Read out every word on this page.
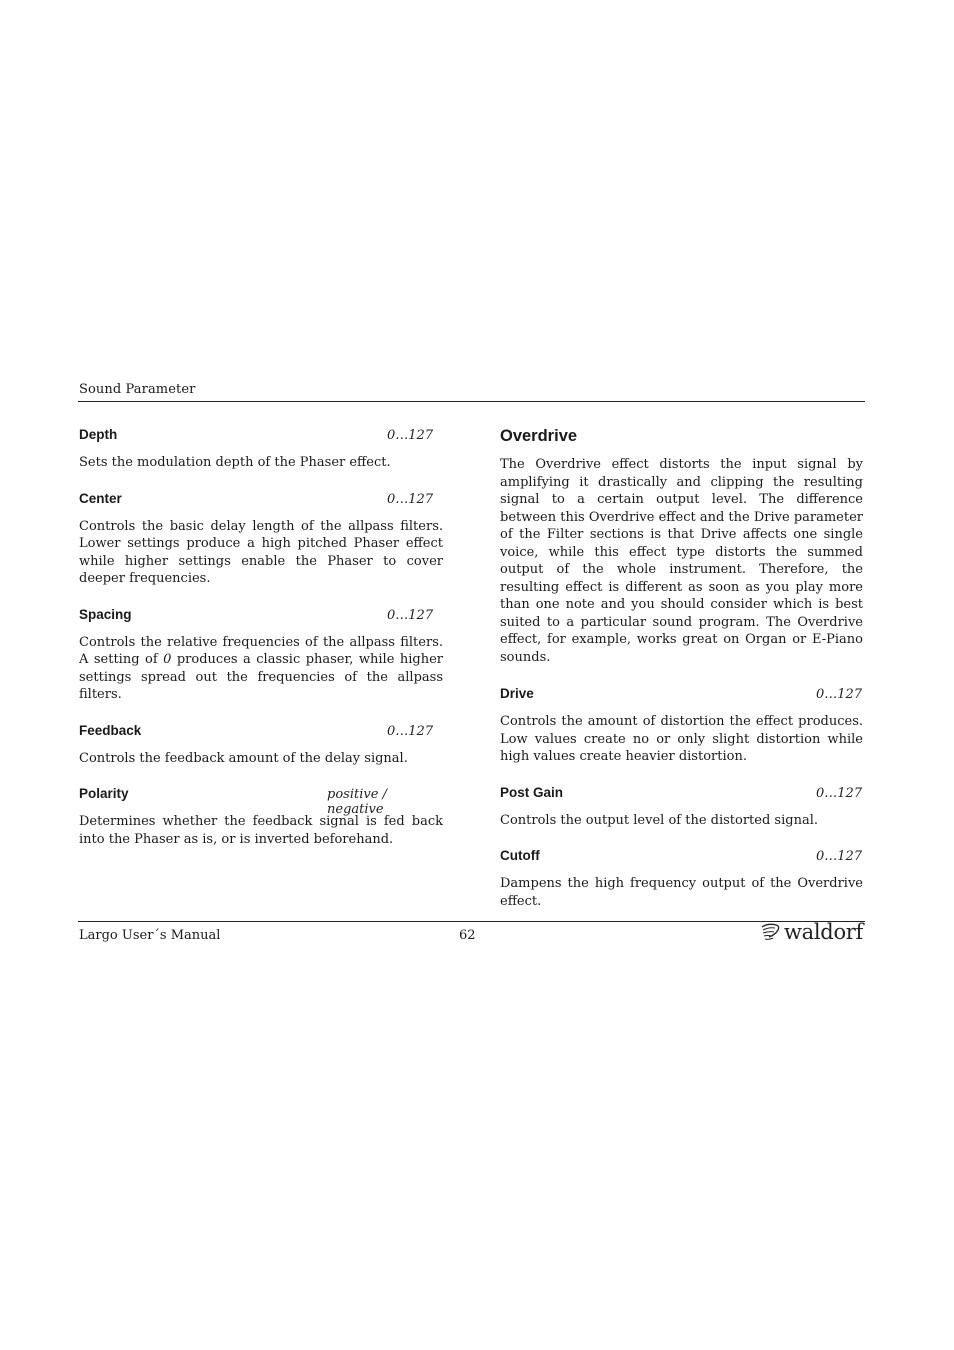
Sound Parameter
Depth	0…127

Sets the modulation depth of the Phaser effect.

Center	0…127

Controls the basic delay length of the allpass filters. Lower settings produce a high pitched Phaser effect while higher settings enable the Phaser to cover deeper frequencies.

Spacing	0…127

Controls the relative frequencies of the allpass filters. A setting of 0 produces a classic phaser, while higher settings spread out the frequencies of the allpass filters.

Feedback	0…127

Controls the feedback amount of the delay signal.

Polarity	positive / negative

Determines whether the feedback signal is fed back into the Phaser as is, or is inverted beforehand.

Overdrive

The Overdrive effect distorts the input signal by amplifying it drastically and clipping the resulting signal to a certain output level. The difference between this Overdrive effect and the Drive parameter of the Filter sections is that Drive affects one single voice, while this effect type distorts the summed output of the whole instrument. Therefore, the resulting effect is different as soon as you play more than one note and you should consider which is best suited to a particular sound program. The Overdrive effect, for example, works great on Organ or E-Piano sounds.

Drive	0…127

Controls the amount of distortion the effect produces. Low values create no or only slight distortion while high values create heavier distortion.

Post Gain	0…127

Controls the output level of the distorted signal.

Cutoff	0…127

Dampens the high frequency output of the Overdrive effect.

Largo User´s Manual	62	waldorf
